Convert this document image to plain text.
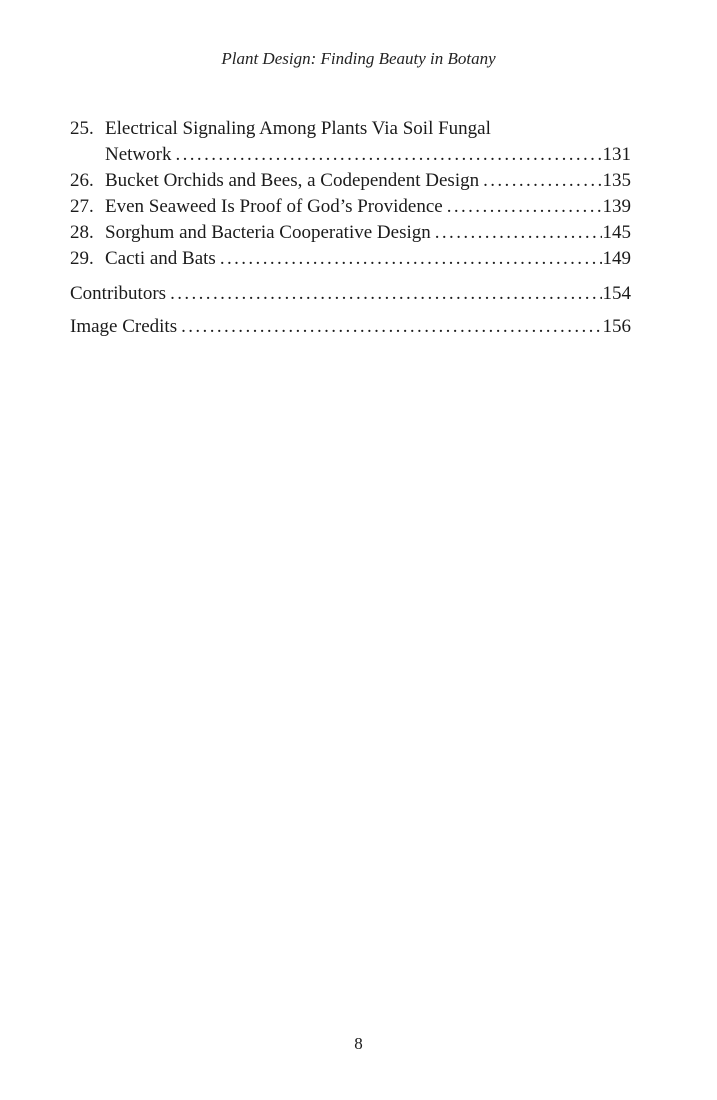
Plant Design: Finding Beauty in Botany
25. Electrical Signaling Among Plants Via Soil Fungal
Network .....	131
26. Bucket Orchids and Bees, a Codependent Design .....	135
27. Even Seaweed Is Proof of God’s Providence .....	139
28. Sorghum and Bacteria Cooperative Design .....	145
29. Cacti and Bats .....	149
Contributors .....	154
Image Credits .....	156
8
